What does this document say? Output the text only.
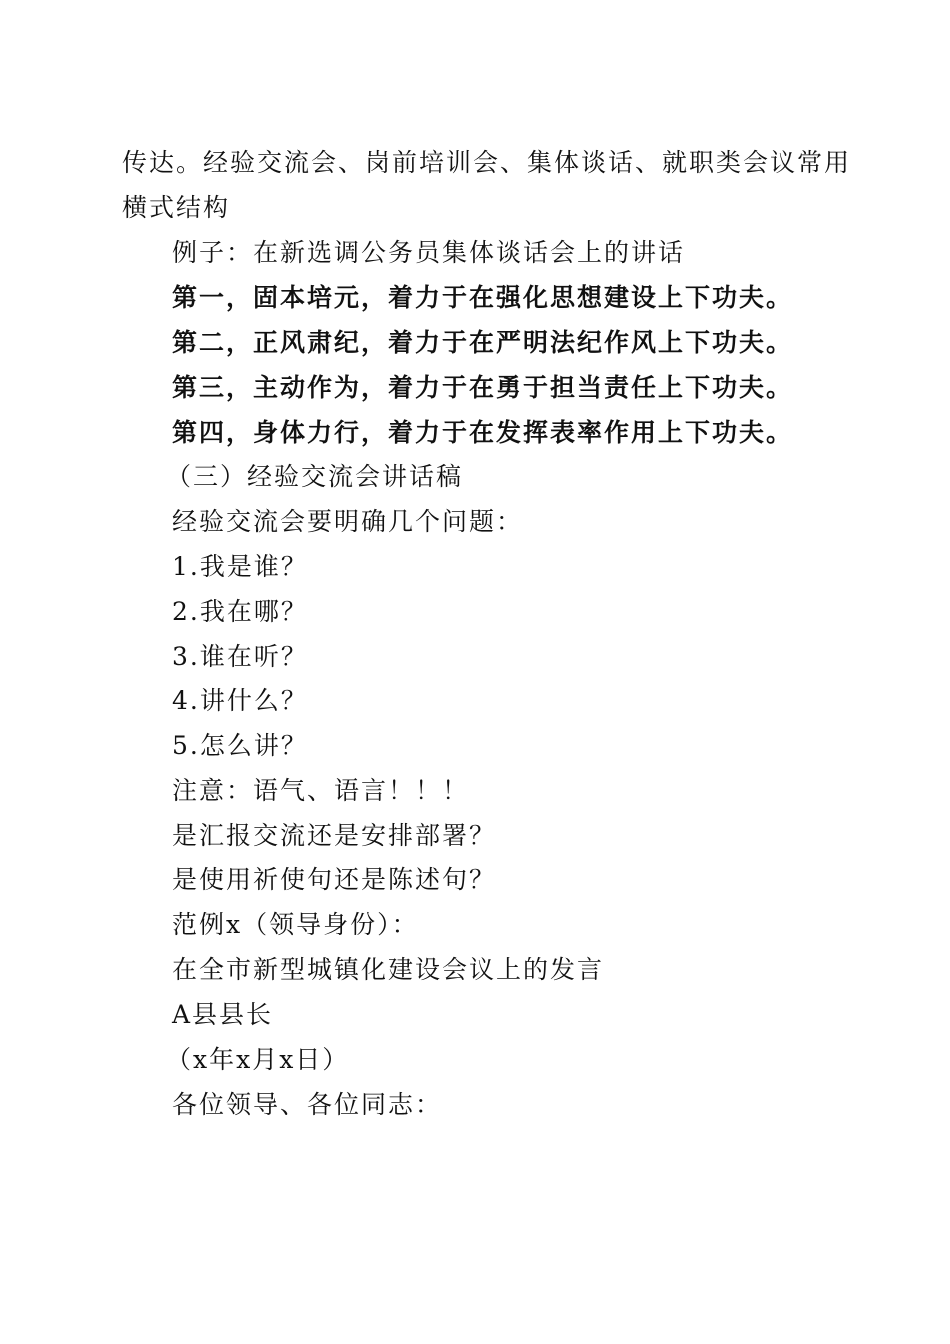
传达。经验交流会、岗前培训会、集体谈话、就职类会议常用
横式结构
例子：在新选调公务员集体谈话会上的讲话
第一，固本培元，着力于在强化思想建设上下功夫。
第二，正风肃纪，着力于在严明法纪作风上下功夫。
第三，主动作为，着力于在勇于担当责任上下功夫。
第四，身体力行，着力于在发挥表率作用上下功夫。
（三）经验交流会讲话稿
经验交流会要明确几个问题：
1.我是谁？
2.我在哪？
3.谁在听？
4.讲什么？
5.怎么讲？
注意：语气、语言！！！
是汇报交流还是安排部署？
是使用祈使句还是陈述句？
范例x（领导身份）：
在全市新型城镇化建设会议上的发言
A县县长
（x年x月x日）
各位领导、各位同志：
